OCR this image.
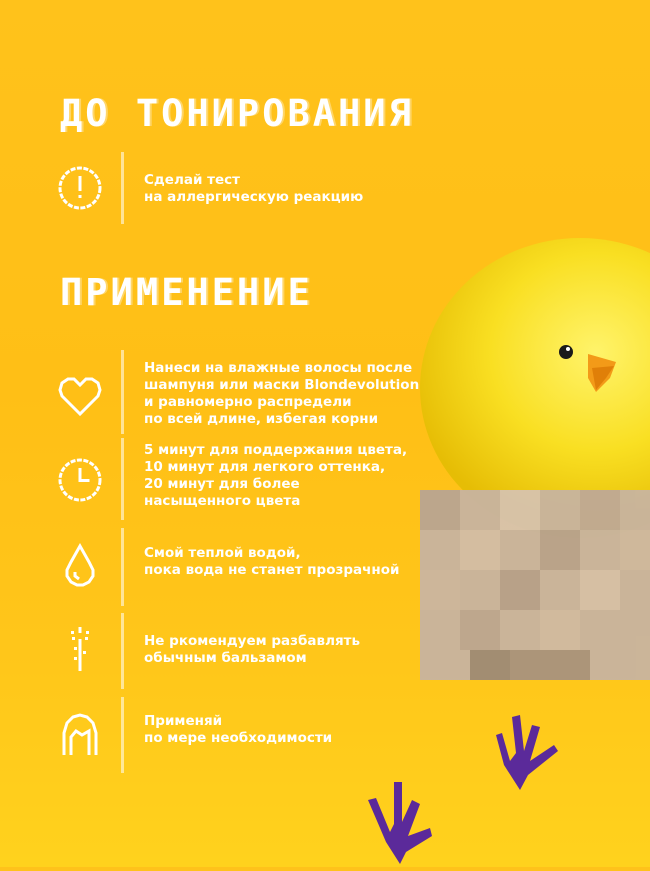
ДО ТОНИРОВАНИЯ
Сделай тест
на аллергическую реакцию
ПРИМЕНЕНИЕ
Нанеси на влажные волосы после
шампуня или маски Blondevolution
и равномерно распредели
по всей длине, избегая корни
5 минут для поддержания цвета,
10 минут для легкого оттенка,
20 минут для более
насыщенного цвета
Смой теплой водой,
пока вода не станет прозрачной
Не ркомендуем разбавлять
обычным бальзамом
Применяй
по мере необходимости
